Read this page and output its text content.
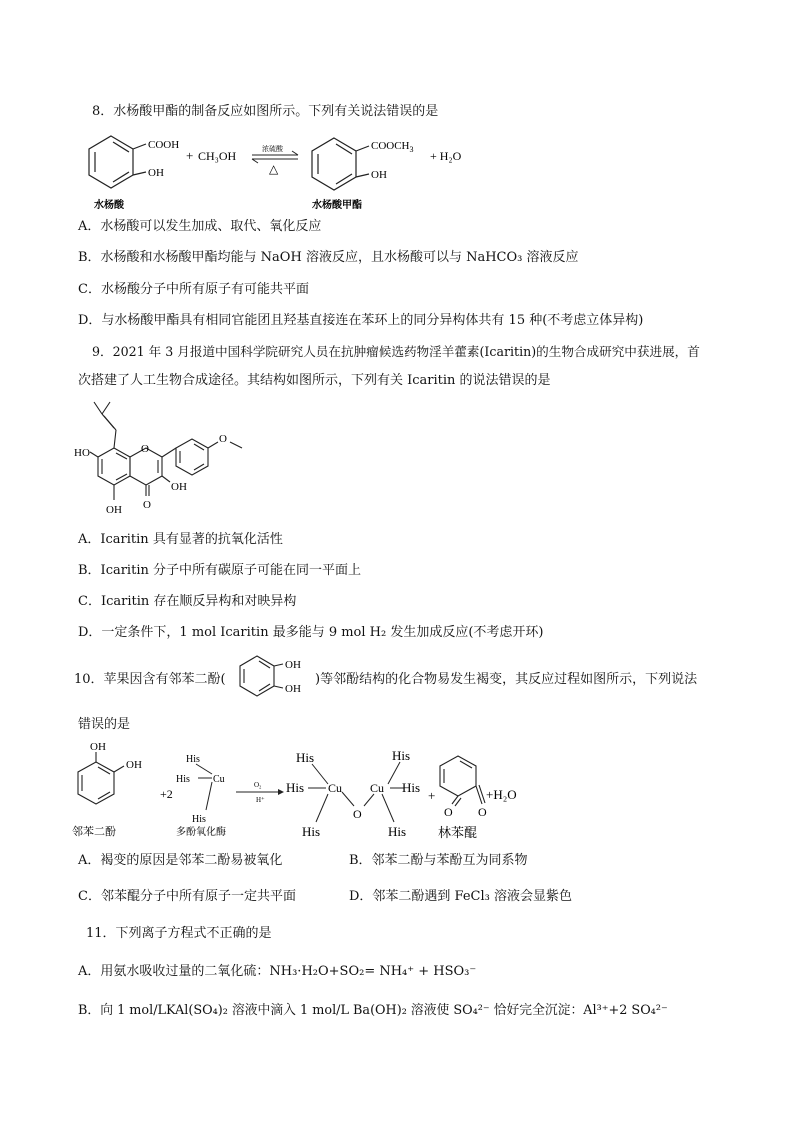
8．水杨酸甲酯的制备反应如图所示。下列有关说法错误的是
COOH
OH
+ CH₃OH	浓硫酸
△
$COOCH_3$
OH
+ H₂O
水杨酸	水杨酸甲酯
A．水杨酸可以发生加成、取代、氧化反应
B．水杨酸和水杨酸甲酯均能与 NaOH 溶液反应，且水杨酸可以与 NaHCO₃ 溶液反应
C．水杨酸分子中所有原子有可能共平面
D．与水杨酸甲酯具有相同官能团且羟基直接连在苯环上的同分异构体共有 15 种(不考虑立体异构)
9．2021 年 3 月报道中国科学院研究人员在抗肿瘤候选药物淫羊藿素(Icaritin)的生物合成研究中获进展，首
次搭建了人工生物合成途径。其结构如图所示，下列有关 Icaritin 的说法错误的是
O
O
HO
OH O
OH
A．Icaritin 具有显著的抗氧化活性
B．Icaritin 分子中所有碳原子可能在同一平面上
C．Icaritin 存在顺反异构和对映异构
D．一定条件下，1 mol Icaritin 最多能与 9 mol H₂ 发生加成反应(不考虑开环)
10．苹果因含有邻苯二酚(
OH
OH
)等邻酚结构的化合物易发生褐变，其反应过程如图所示，下列说法
错误的是
OH
OH
邻苯二酚
+2
His
His Cu
His
多酚氧化酶
O₂
H⁺
His
His Cu
His
O
Cu
His
His
His
+
O O
林苯醌
+H₂O
A．褐变的原因是邻苯二酚易被氧化	B．邻苯二酚与苯酚互为同系物
C．邻苯醌分子中所有原子一定共平面	D．邻苯二酚遇到 FeCl₃ 溶液会显紫色
11．下列离子方程式不正确的是
A．用氨水吸收过量的二氧化硫：NH₃·H₂O+SO₂= NH₄⁺ + HSO₃⁻
B．向 1 mol/LKAl(SO₄)₂ 溶液中滴入 1 mol/L Ba(OH)₂ 溶液使 SO₄²⁻ 恰好完全沉淀：Al³⁺+2 SO₄²⁻
